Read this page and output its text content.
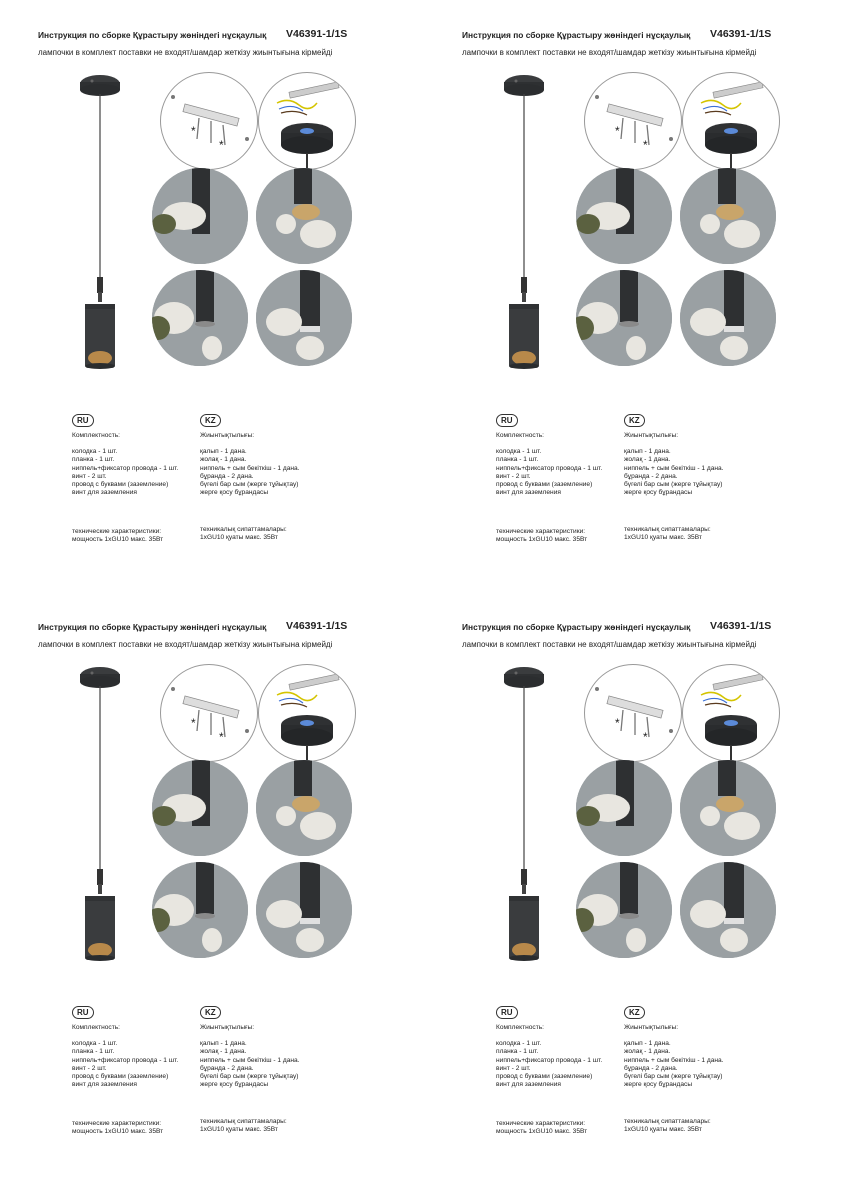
Инструкция по сборке Құрастыру жөніндегі нұсқаулық V46391-1/1S
лампочки в комплект поставки не входят/шамдар жеткізу жиынтығына кірмейді
*
*
RU
Комплектность:
колодка - 1 шт.
планка - 1 шт.
ниппель+фиксатор провода - 1 шт.
винт - 2 шт.
провод с буквами (заземление)
винт для заземления
технические характеристики:
мощность 1xGU10 макс. 35Вт
KZ
Жиынтықтылығы:
қалып - 1 дана.
жолақ - 1 дана.
ниппель + сым бекіткіш - 1 дана.
бұранда - 2 дана.
бүгелі бар сым (жерге тұйықтау)
жерге қосу бұрандасы
техникалық сипаттамалары:
1xGU10 қуаты макс. 35Вт
Инструкция по сборке Құрастыру жөніндегі нұсқаулық V46391-1/1S
лампочки в комплект поставки не входят/шамдар жеткізу жиынтығына кірмейді
*
*
RU
Комплектность:
колодка - 1 шт.
планка - 1 шт.
ниппель+фиксатор провода - 1 шт.
винт - 2 шт.
провод с буквами (заземление)
винт для заземления
технические характеристики:
мощность 1xGU10 макс. 35Вт
KZ
Жиынтықтылығы:
қалып - 1 дана.
жолақ - 1 дана.
ниппель + сым бекіткіш - 1 дана.
бұранда - 2 дана.
бүгелі бар сым (жерге тұйықтау)
жерге қосу бұрандасы
техникалық сипаттамалары:
1xGU10 қуаты макс. 35Вт
Инструкция по сборке Құрастыру жөніндегі нұсқаулық V46391-1/1S
лампочки в комплект поставки не входят/шамдар жеткізу жиынтығына кірмейді
*
*
RU
Комплектность:
колодка - 1 шт.
планка - 1 шт.
ниппель+фиксатор провода - 1 шт.
винт - 2 шт.
провод с буквами (заземление)
винт для заземления
технические характеристики:
мощность 1xGU10 макс. 35Вт
KZ
Жиынтықтылығы:
қалып - 1 дана.
жолақ - 1 дана.
ниппель + сым бекіткіш - 1 дана.
бұранда - 2 дана.
бүгелі бар сым (жерге тұйықтау)
жерге қосу бұрандасы
техникалық сипаттамалары:
1xGU10 қуаты макс. 35Вт
Инструкция по сборке Құрастыру жөніндегі нұсқаулық V46391-1/1S
лампочки в комплект поставки не входят/шамдар жеткізу жиынтығына кірмейді
*
*
RU
Комплектность:
колодка - 1 шт.
планка - 1 шт.
ниппель+фиксатор провода - 1 шт.
винт - 2 шт.
провод с буквами (заземление)
винт для заземления
технические характеристики:
мощность 1xGU10 макс. 35Вт
KZ
Жиынтықтылығы:
қалып - 1 дана.
жолақ - 1 дана.
ниппель + сым бекіткіш - 1 дана.
бұранда - 2 дана.
бүгелі бар сым (жерге тұйықтау)
жерге қосу бұрандасы
техникалық сипаттамалары:
1xGU10 қуаты макс. 35Вт
